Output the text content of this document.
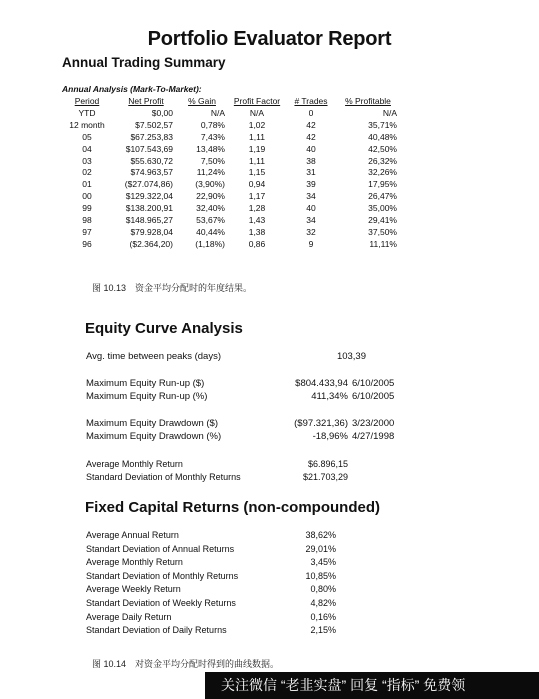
Portfolio Evaluator Report
Annual Trading Summary
Annual Analysis (Mark-To-Market):
Period	Net Profit	% Gain	Profit Factor	# Trades	% Profitable
YTD	$0,00	N/A	N/A	0	N/A
12 month	$7.502,57	0,78%	1,02	42	35,71%
05	$67.253,83	7,43%	1,11	42	40,48%
04	$107.543,69	13,48%	1,19	40	42,50%
03	$55.630,72	7,50%	1,11	38	26,32%
02	$74.963,57	11,24%	1,15	31	32,26%
01	($27.074,86)	(3,90%)	0,94	39	17,95%
00	$129.322,04	22,90%	1,17	34	26,47%
99	$138.200,91	32,40%	1,28	40	35,00%
98	$148.965,27	53,67%	1,43	34	29,41%
97	$79.928,04	40,44%	1,38	32	37,50%
96	($2.364,20)	(1,18%)	0,86	9	11,11%
图 10.13　资金平均分配时的年度结果。
Equity Curve Analysis
Avg. time between peaks (days)	103,39
Maximum Equity Run-up ($)	$804.433,94 6/10/2005
Maximum Equity Run-up (%)	411,34% 6/10/2005
Maximum Equity Drawdown ($)	($97.321,36) 3/23/2000
Maximum Equity Drawdown (%)	-18,96% 4/27/1998
Average Monthly Return	$6.896,15
Standard Deviation of Monthly Returns	$21.703,29
Fixed Capital Returns (non-compounded)
Average Annual Return	38,62%
Standart Deviation of Annual Returns	29,01%
Average Monthly Return	3,45%
Standart Deviation of Monthly Returns	10,85%
Average Weekly Return	0,80%
Standart Deviation of Weekly Returns	4,82%
Average Daily Return	0,16%
Standart Deviation of Daily Returns	2,15%
图 10.14　对资金平均分配时得到的曲线数据。
关注微信 “老韭实盘” 回复 “指标” 免费领
